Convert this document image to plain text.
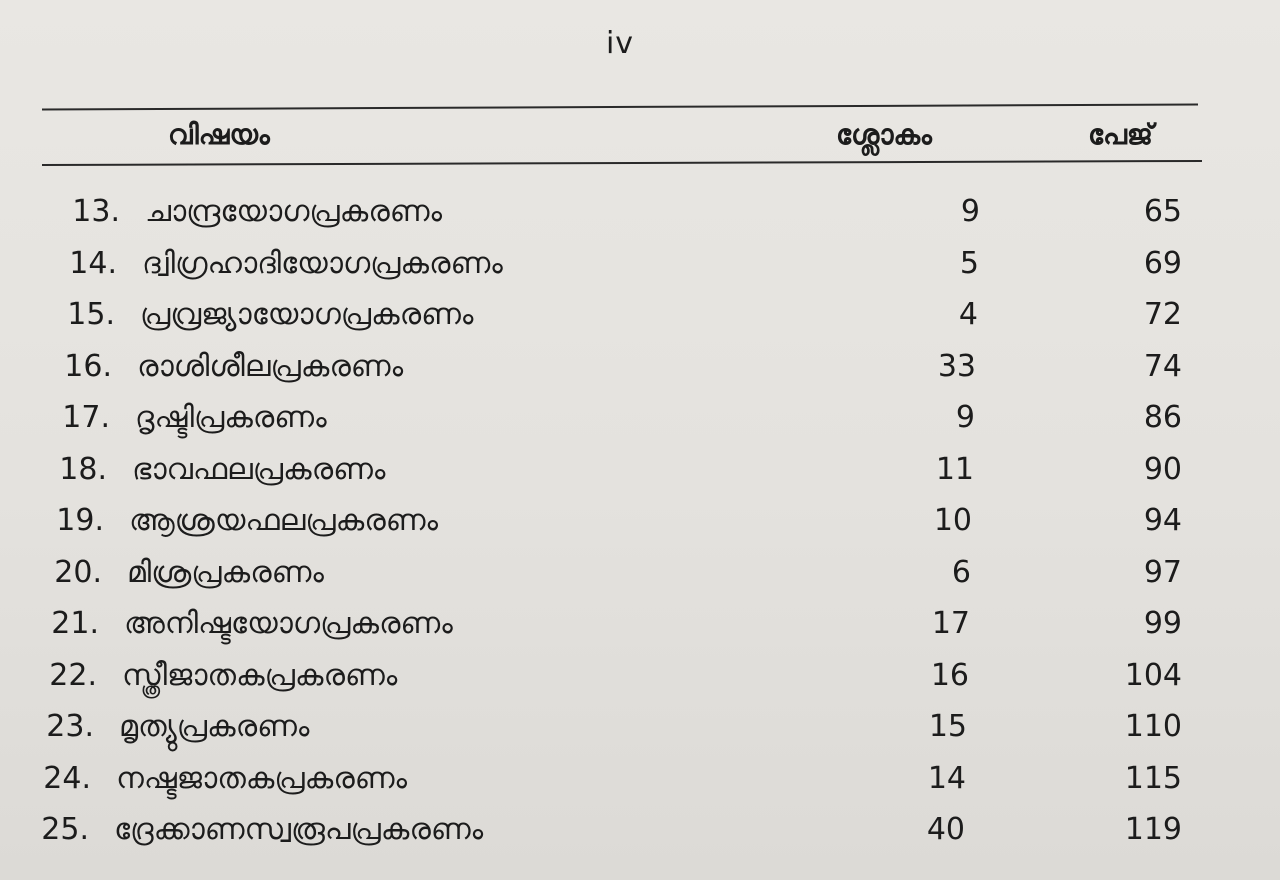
iv
വിഷയം	ശ്ലോകം	പേജ്
13. ചാന്ദ്രയോഗപ്രകരണം	9	65
14. ദ്വിഗ്രഹാദിയോഗപ്രകരണം	5	69
15. പ്രവ്രജ്യായോഗപ്രകരണം	4	72
16. രാശിശീലപ്രകരണം	33	74
17. ദൃഷ്ടിപ്രകരണം	9	86
18. ഭാവഫലപ്രകരണം	11	90
19. ആശ്രയഫലപ്രകരണം	10	94
20. മിശ്രപ്രകരണം	6	97
21. അനിഷ്ടയോഗപ്രകരണം	17	99
22. സ്ത്രീജാതകപ്രകരണം	16	104
23. മൃത്യുപ്രകരണം	15	110
24. നഷ്ടജാതകപ്രകരണം	14	115
25. ദ്രേക്കാണസ്വരൂപപ്രകരണം	40	119
